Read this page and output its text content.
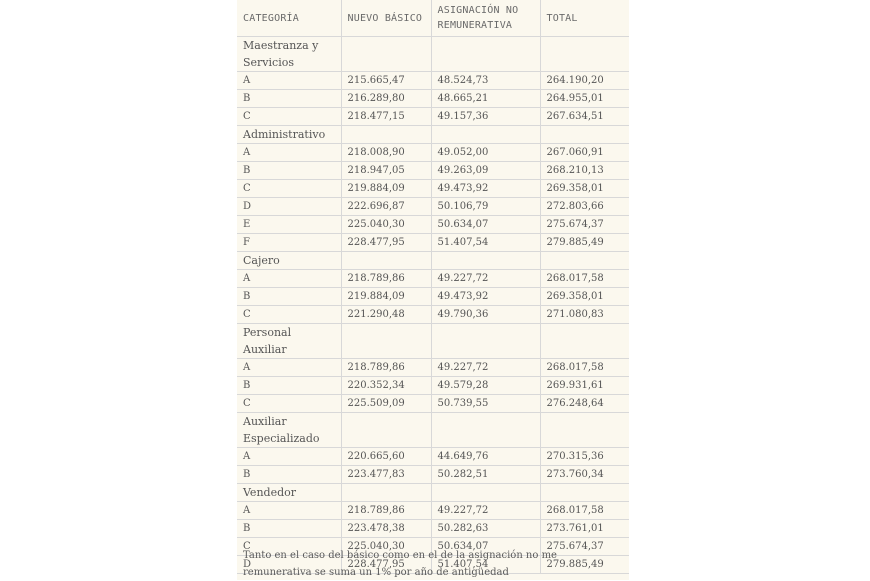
CATEGORÍA	NUEVO BÁSICO	ASIGNACIÓN NO REMUNERATIVA	TOTAL
Maestranza y Servicios			
A	215.665,47	48.524,73	264.190,20
B	216.289,80	48.665,21	264.955,01
C	218.477,15	49.157,36	267.634,51
Administrativo			
A	218.008,90	49.052,00	267.060,91
B	218.947,05	49.263,09	268.210,13
C	219.884,09	49.473,92	269.358,01
D	222.696,87	50.106,79	272.803,66
E	225.040,30	50.634,07	275.674,37
F	228.477,95	51.407,54	279.885,49
Cajero			
A	218.789,86	49.227,72	268.017,58
B	219.884,09	49.473,92	269.358,01
C	221.290,48	49.790,36	271.080,83
Personal Auxiliar			
A	218.789,86	49.227,72	268.017,58
B	220.352,34	49.579,28	269.931,61
C	225.509,09	50.739,55	276.248,64
Auxiliar Especializado			
A	220.665,60	44.649,76	270.315,36
B	223.477,83	50.282,51	273.760,34
Vendedor			
A	218.789,86	49.227,72	268.017,58
B	223.478,38	50.282,63	273.761,01
C	225.040,30	50.634,07	275.674,37
D	228.477,95	51.407,54	279.885,49
Tanto en el caso del básico como en el de la asignación no me remunerativa se suma un 1% por año de antigüedad
